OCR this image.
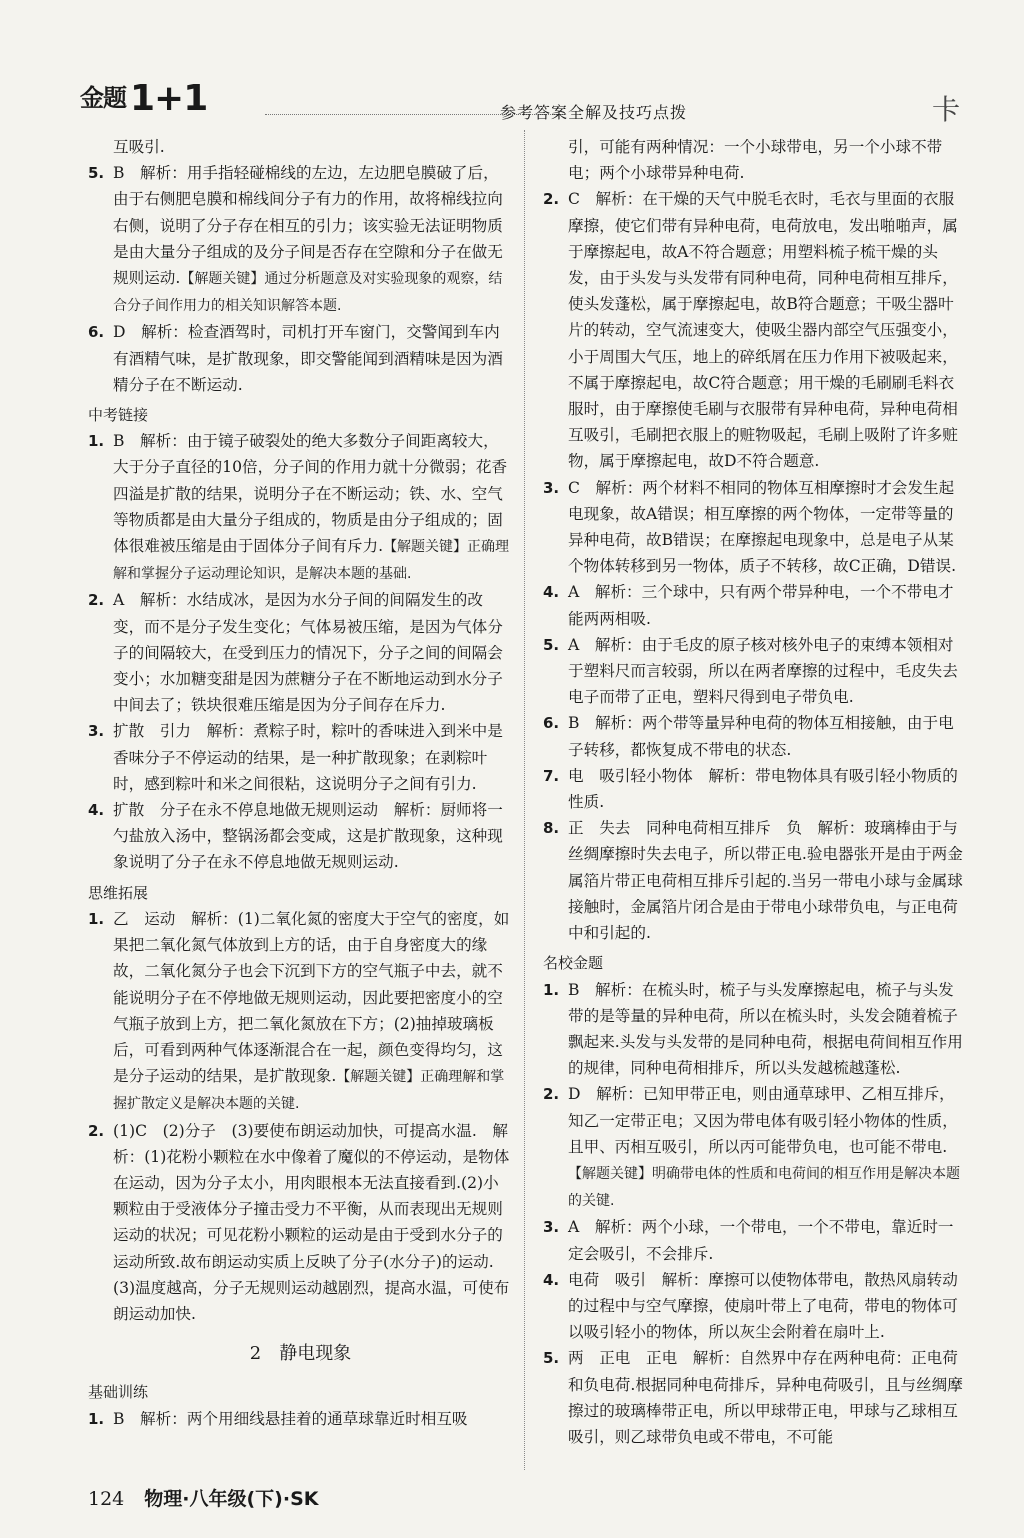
金题 1+1	参考答案全解及技巧点拨	卡
互吸引.
5. B　解析：用手指轻碰棉线的左边，左边肥皂膜破了后，由于右侧肥皂膜和棉线间分子有力的作用，故将棉线拉向右侧，说明了分子存在相互的引力；该实验无法证明物质是由大量分子组成的及分子间是否存在空隙和分子在做无规则运动.【解题关键】通过分析题意及对实验现象的观察，结合分子间作用力的相关知识解答本题.
6. D　解析：检查酒驾时，司机打开车窗门，交警闻到车内有酒精气味，是扩散现象，即交警能闻到酒精味是因为酒精分子在不断运动.
中考链接
1. B　解析：由于镜子破裂处的绝大多数分子间距离较大，大于分子直径的10倍，分子间的作用力就十分微弱；花香四溢是扩散的结果，说明分子在不断运动；铁、水、空气等物质都是由大量分子组成的，物质是由分子组成的；固体很难被压缩是由于固体分子间有斥力.【解题关键】正确理解和掌握分子运动理论知识，是解决本题的基础.
2. A　解析：水结成冰，是因为水分子间的间隔发生的改变，而不是分子发生变化；气体易被压缩，是因为气体分子的间隔较大，在受到压力的情况下，分子之间的间隔会变小；水加糖变甜是因为蔗糖分子在不断地运动到水分子中间去了；铁块很难压缩是因为分子间存在斥力.
3. 扩散　引力　解析：煮粽子时，粽叶的香味进入到米中是香味分子不停运动的结果，是一种扩散现象；在剥粽叶时，感到粽叶和米之间很粘，这说明分子之间有引力.
4. 扩散　分子在永不停息地做无规则运动　解析：厨师将一勺盐放入汤中，整锅汤都会变咸，这是扩散现象，这种现象说明了分子在永不停息地做无规则运动.
思维拓展
1. 乙　运动　解析：(1)二氧化氮的密度大于空气的密度，如果把二氧化氮气体放到上方的话，由于自身密度大的缘故，二氧化氮分子也会下沉到下方的空气瓶子中去，就不能说明分子在不停地做无规则运动，因此要把密度小的空气瓶子放到上方，把二氧化氮放在下方；(2)抽掉玻璃板后，可看到两种气体逐渐混合在一起，颜色变得均匀，这是分子运动的结果，是扩散现象.【解题关键】正确理解和掌握扩散定义是解决本题的关键.
2. (1)C　(2)分子　(3)要使布朗运动加快，可提高水温.　解析：(1)花粉小颗粒在水中像着了魔似的不停运动，是物体在运动，因为分子太小，用肉眼根本无法直接看到.(2)小颗粒由于受液体分子撞击受力不平衡，从而表现出无规则运动的状况；可见花粉小颗粒的运动是由于受到水分子的运动所致.故布朗运动实质上反映了分子(水分子)的运动.(3)温度越高，分子无规则运动越剧烈，提高水温，可使布朗运动加快.
2　静电现象
基础训练
1. B　解析：两个用细线悬挂着的通草球靠近时相互吸
引，可能有两种情况：一个小球带电，另一个小球不带电；两个小球带异种电荷.
2. C　解析：在干燥的天气中脱毛衣时，毛衣与里面的衣服摩擦，使它们带有异种电荷，电荷放电，发出啪啪声，属于摩擦起电，故A不符合题意；用塑料梳子梳干燥的头发，由于头发与头发带有同种电荷，同种电荷相互排斥，使头发蓬松，属于摩擦起电，故B符合题意；干吸尘器叶片的转动，空气流速变大，使吸尘器内部空气压强变小，小于周围大气压，地上的碎纸屑在压力作用下被吸起来，不属于摩擦起电，故C符合题意；用干燥的毛刷刷毛料衣服时，由于摩擦使毛刷与衣服带有异种电荷，异种电荷相互吸引，毛刷把衣服上的赃物吸起，毛刷上吸附了许多赃物，属于摩擦起电，故D不符合题意.
3. C　解析：两个材料不相同的物体互相摩擦时才会发生起电现象，故A错误；相互摩擦的两个物体，一定带等量的异种电荷，故B错误；在摩擦起电现象中，总是电子从某个物体转移到另一物体，质子不转移，故C正确，D错误.
4. A　解析：三个球中，只有两个带异种电，一个不带电才能两两相吸.
5. A　解析：由于毛皮的原子核对核外电子的束缚本领相对于塑料尺而言较弱，所以在两者摩擦的过程中，毛皮失去电子而带了正电，塑料尺得到电子带负电.
6. B　解析：两个带等量异种电荷的物体互相接触，由于电子转移，都恢复成不带电的状态.
7. 电　吸引轻小物体　解析：带电物体具有吸引轻小物质的性质.
8. 正　失去　同种电荷相互排斥　负　解析：玻璃棒由于与丝绸摩擦时失去电子，所以带正电.验电器张开是由于两金属箔片带正电荷相互排斥引起的.当另一带电小球与金属球接触时，金属箔片闭合是由于带电小球带负电，与正电荷中和引起的.
名校金题
1. B　解析：在梳头时，梳子与头发摩擦起电，梳子与头发带的是等量的异种电荷，所以在梳头时，头发会随着梳子飘起来.头发与头发带的是同种电荷，根据电荷间相互作用的规律，同种电荷相排斥，所以头发越梳越蓬松.
2. D　解析：已知甲带正电，则由通草球甲、乙相互排斥，知乙一定带正电；又因为带电体有吸引轻小物体的性质，且甲、丙相互吸引，所以丙可能带负电，也可能不带电.【解题关键】明确带电体的性质和电荷间的相互作用是解决本题的关键.
3. A　解析：两个小球，一个带电，一个不带电，靠近时一定会吸引，不会排斥.
4. 电荷　吸引　解析：摩擦可以使物体带电，散热风扇转动的过程中与空气摩擦，使扇叶带上了电荷，带电的物体可以吸引轻小的物体，所以灰尘会附着在扇叶上.
5. 两　正电　正电　解析：自然界中存在两种电荷：正电荷和负电荷.根据同种电荷排斥，异种电荷吸引，且与丝绸摩擦过的玻璃棒带正电，所以甲球带正电，甲球与乙球相互吸引，则乙球带负电或不带电，不可能
124 物理·八年级(下)·SK
